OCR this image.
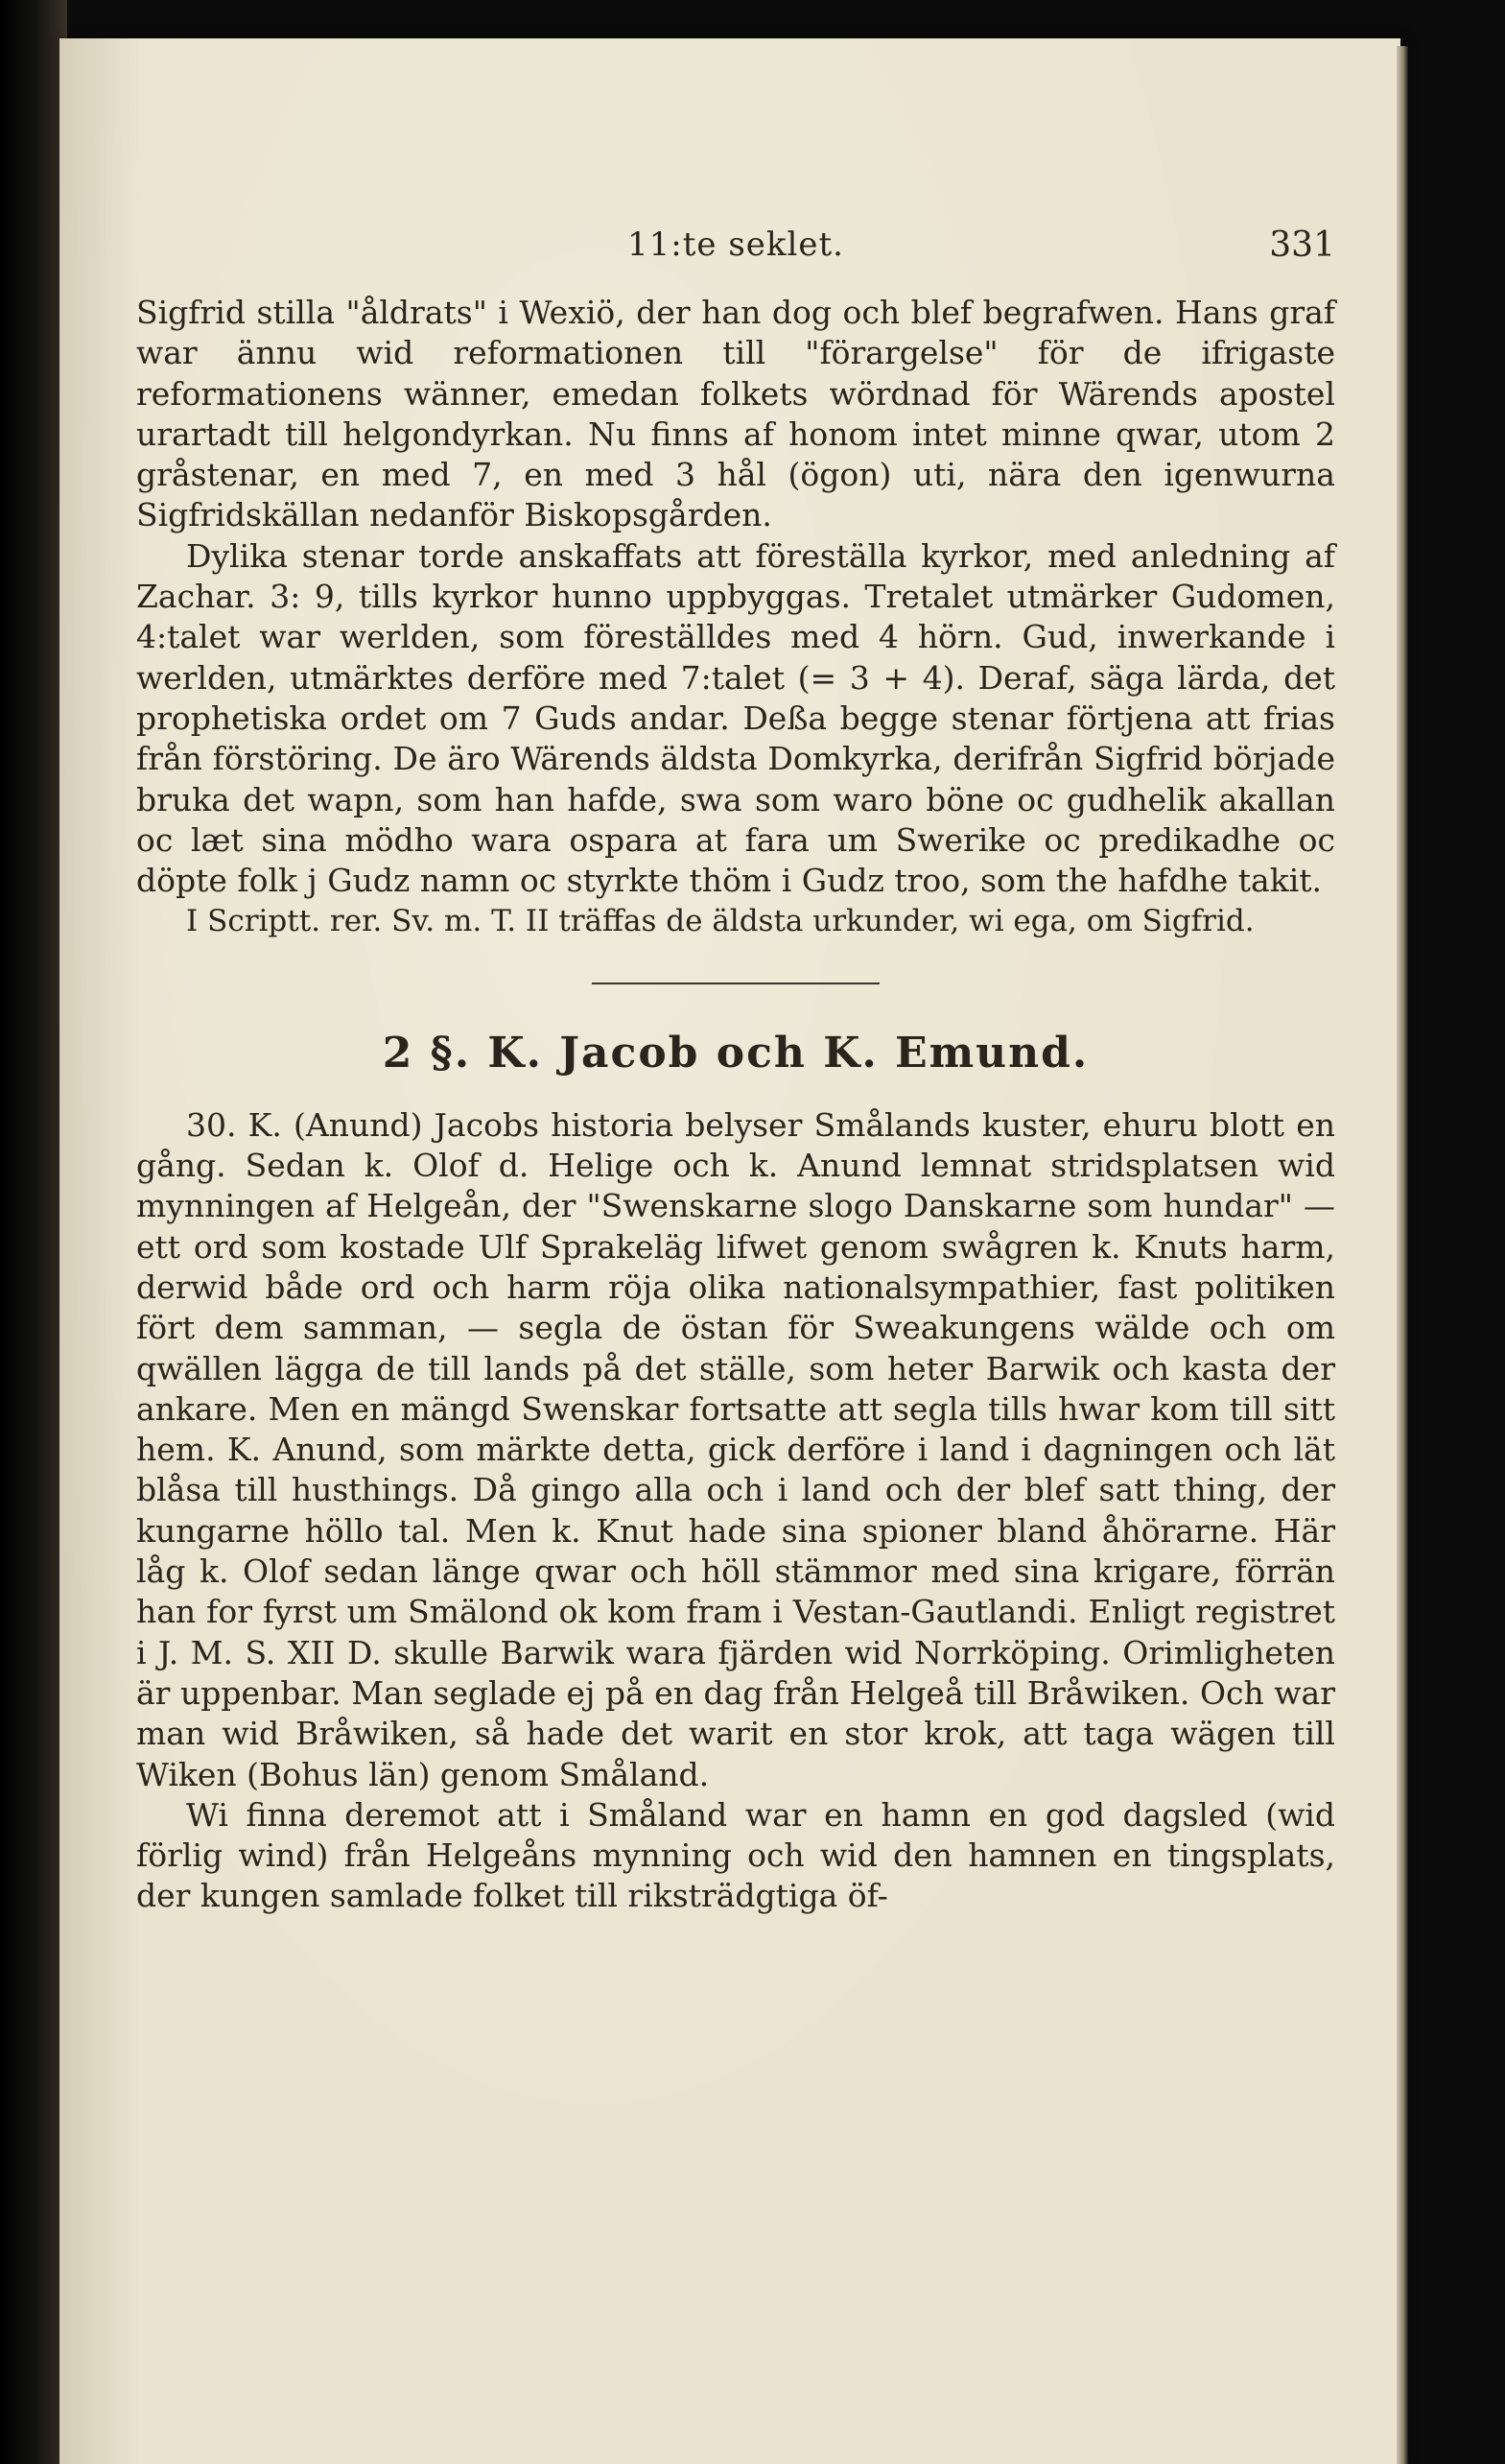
11:te seklet.	331

Sigfrid stilla "åldrats" i Wexiö, der han dog och blef begrafwen. Hans graf war ännu wid reformationen till "förargelse" för de ifrigaste reformationens wänner, emedan folkets wördnad för Wärends apostel urartadt till helgondyrkan. Nu finns af honom intet minne qwar, utom 2 gråstenar, en med 7, en med 3 hål (ögon) uti, nära den igenwurna Sigfridskällan nedanför Biskopsgården.

Dylika stenar torde anskaffats att föreställa kyrkor, med anledning af Zachar. 3: 9, tills kyrkor hunno uppbyggas. Tretalet utmärker Gudomen, 4:talet war werlden, som föreställdes med 4 hörn. Gud, inwerkande i werlden, utmärktes derföre med 7:talet (= 3 + 4). Deraf, säga lärda, det prophetiska ordet om 7 Guds andar. Deßa begge stenar förtjena att frias från förstöring. De äro Wärends äldsta Domkyrka, derifrån Sigfrid började bruka det wapn, som han hafde, swa som waro böne oc gudhelik akallan oc læt sina mödho wara ospara at fara um Swerike oc predikadhe oc döpte folk j Gudz namn oc styrkte thöm i Gudz troo, som the hafdhe takit.

I Scriptt. rer. Sv. m. T. II träffas de äldsta urkunder, wi ega, om Sigfrid.

2 §. K. Jacob och K. Emund.

30. K. (Anund) Jacobs historia belyser Smålands kuster, ehuru blott en gång. Sedan k. Olof d. Helige och k. Anund lemnat stridsplatsen wid mynningen af Helgeån, der "Swenskarne slogo Danskarne som hundar" — ett ord som kostade Ulf Sprakeläg lifwet genom swågren k. Knuts harm, derwid både ord och harm röja olika nationalsympathier, fast politiken fört dem samman, — segla de östan för Sweakungens wälde och om qwällen lägga de till lands på det ställe, som heter Barwik och kasta der ankare. Men en mängd Swenskar fortsatte att segla tills hwar kom till sitt hem. K. Anund, som märkte detta, gick derföre i land i dagningen och lät blåsa till husthings. Då gingo alla och i land och der blef satt thing, der kungarne höllo tal. Men k. Knut hade sina spioner bland åhörarne. Här låg k. Olof sedan länge qwar och höll stämmor med sina krigare, förrän han for fyrst um Smälond ok kom fram i Vestan-Gautlandi. Enligt registret i J. M. S. XII D. skulle Barwik wara fjärden wid Norrköping. Orimligheten är uppenbar. Man seglade ej på en dag från Helgeå till Bråwiken. Och war man wid Bråwiken, så hade det warit en stor krok, att taga wägen till Wiken (Bohus län) genom Småland.

Wi finna deremot att i Småland war en hamn en god dagsled (wid förlig wind) från Helgeåns mynning och wid den hamnen en tingsplats, der kungen samlade folket till riksträdgtiga öf-
